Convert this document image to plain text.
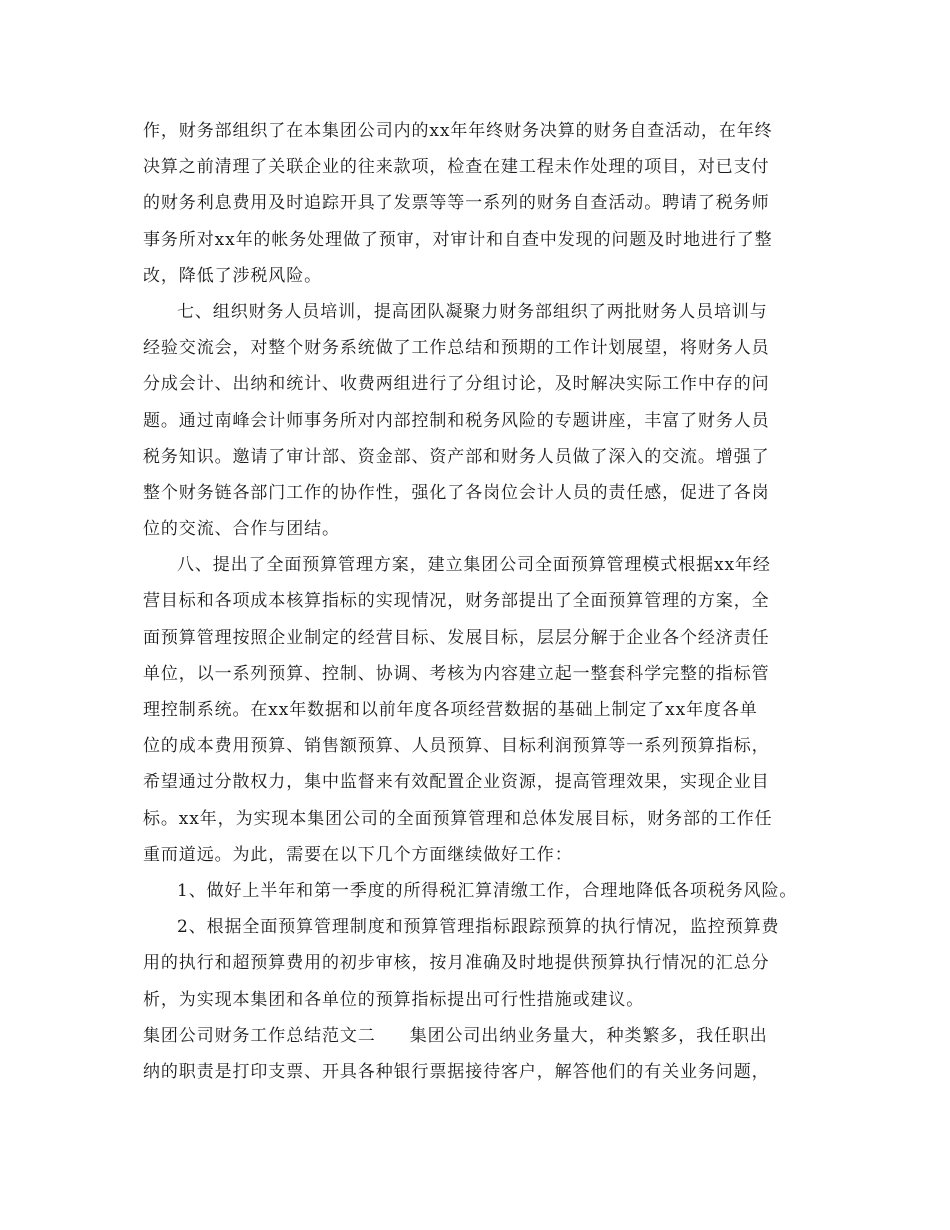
作，财务部组织了在本集团公司内的xx年年终财务决算的财务自查活动，在年终
决算之前清理了关联企业的往来款项，检查在建工程未作处理的项目，对已支付
的财务利息费用及时追踪开具了发票等等一系列的财务自查活动。聘请了税务师
事务所对xx年的帐务处理做了预审，对审计和自查中发现的问题及时地进行了整
改，降低了涉税风险。
七、组织财务人员培训，提高团队凝聚力财务部组织了两批财务人员培训与
经验交流会，对整个财务系统做了工作总结和预期的工作计划展望，将财务人员
分成会计、出纳和统计、收费两组进行了分组讨论，及时解决实际工作中存的问
题。通过南峰会计师事务所对内部控制和税务风险的专题讲座，丰富了财务人员
税务知识。邀请了审计部、资金部、资产部和财务人员做了深入的交流。增强了
整个财务链各部门工作的协作性，强化了各岗位会计人员的责任感，促进了各岗
位的交流、合作与团结。
八、提出了全面预算管理方案，建立集团公司全面预算管理模式根据xx年经
营目标和各项成本核算指标的实现情况，财务部提出了全面预算管理的方案，全
面预算管理按照企业制定的经营目标、发展目标，层层分解于企业各个经济责任
单位，以一系列预算、控制、协调、考核为内容建立起一整套科学完整的指标管
理控制系统。在xx年数据和以前年度各项经营数据的基础上制定了xx年度各单
位的成本费用预算、销售额预算、人员预算、目标利润预算等一系列预算指标，
希望通过分散权力，集中监督来有效配置企业资源，提高管理效果，实现企业目
标。xx年，为实现本集团公司的全面预算管理和总体发展目标，财务部的工作任
重而道远。为此，需要在以下几个方面继续做好工作：
1、做好上半年和第一季度的所得税汇算清缴工作，合理地降低各项税务风险。
2、根据全面预算管理制度和预算管理指标跟踪预算的执行情况，监控预算费
用的执行和超预算费用的初步审核，按月准确及时地提供预算执行情况的汇总分
析，为实现本集团和各单位的预算指标提出可行性措施或建议。
集团公司财务工作总结范文二 集团公司出纳业务量大，种类繁多，我任职出
纳的职责是打印支票、开具各种银行票据接待客户，解答他们的有关业务问题，
